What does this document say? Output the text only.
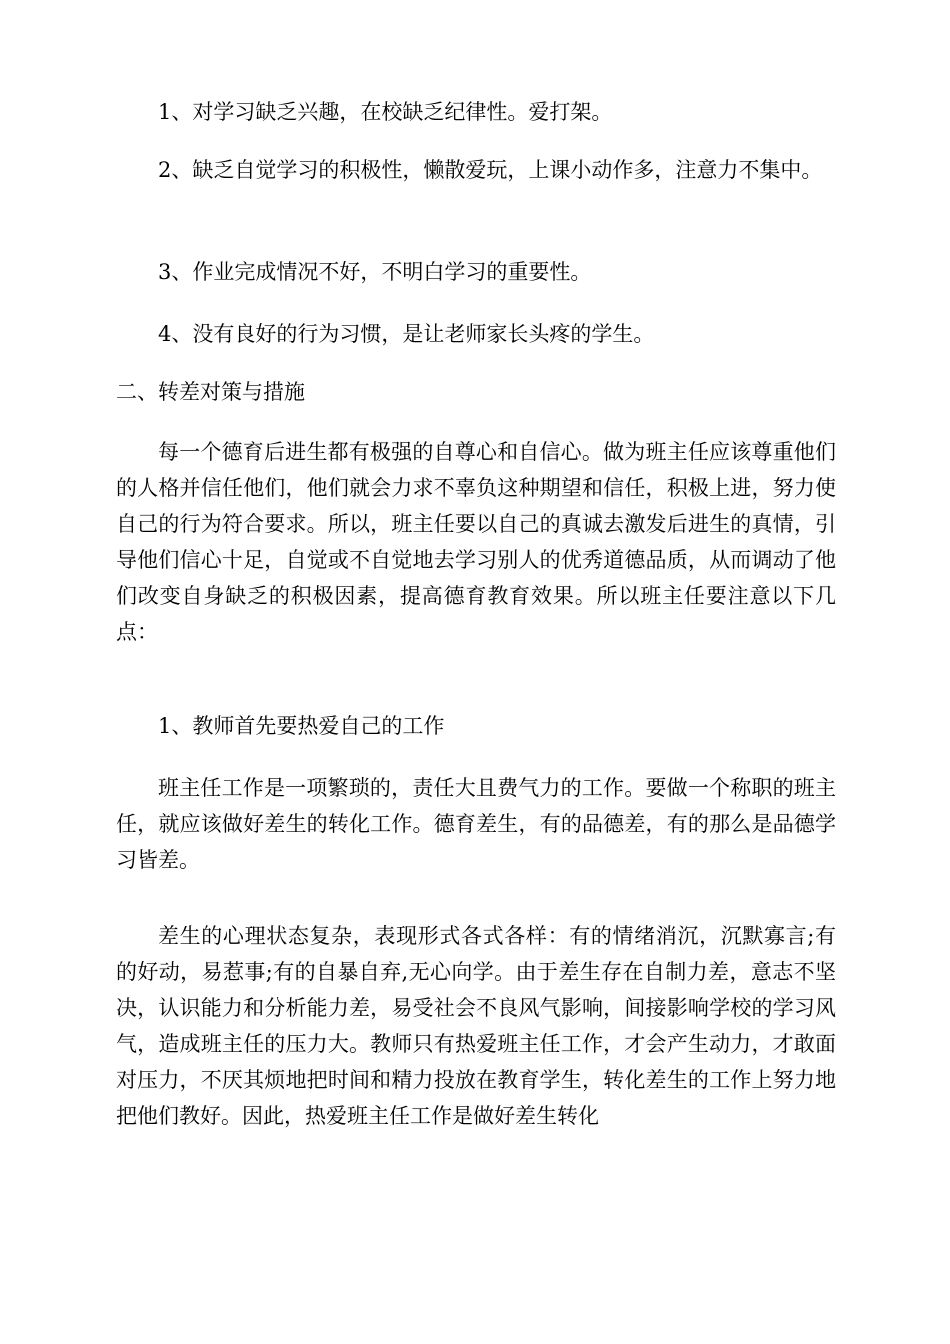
1、对学习缺乏兴趣，在校缺乏纪律性。爱打架。

2、缺乏自觉学习的积极性，懒散爱玩，上课小动作多，注意力不集中。

3、作业完成情况不好，不明白学习的重要性。

4、没有良好的行为习惯，是让老师家长头疼的学生。

二、转差对策与措施

每一个德育后进生都有极强的自尊心和自信心。做为班主任应该尊重他们的人格并信任他们，他们就会力求不辜负这种期望和信任，积极上进，努力使自己的行为符合要求。所以，班主任要以自己的真诚去激发后进生的真情，引导他们信心十足，自觉或不自觉地去学习别人的优秀道德品质，从而调动了他们改变自身缺乏的积极因素，提高德育教育效果。所以班主任要注意以下几点：

1、教师首先要热爱自己的工作

班主任工作是一项繁琐的，责任大且费气力的工作。要做一个称职的班主任，就应该做好差生的转化工作。德育差生，有的品德差，有的那么是品德学习皆差。

差生的心理状态复杂，表现形式各式各样：有的情绪消沉，沉默寡言;有的好动，易惹事;有的自暴自弃,无心向学。由于差生存在自制力差，意志不坚决，认识能力和分析能力差，易受社会不良风气影响，间接影响学校的学习风气，造成班主任的压力大。教师只有热爱班主任工作，才会产生动力，才敢面对压力，不厌其烦地把时间和精力投放在教育学生，转化差生的工作上努力地把他们教好。因此，热爱班主任工作是做好差生转化
